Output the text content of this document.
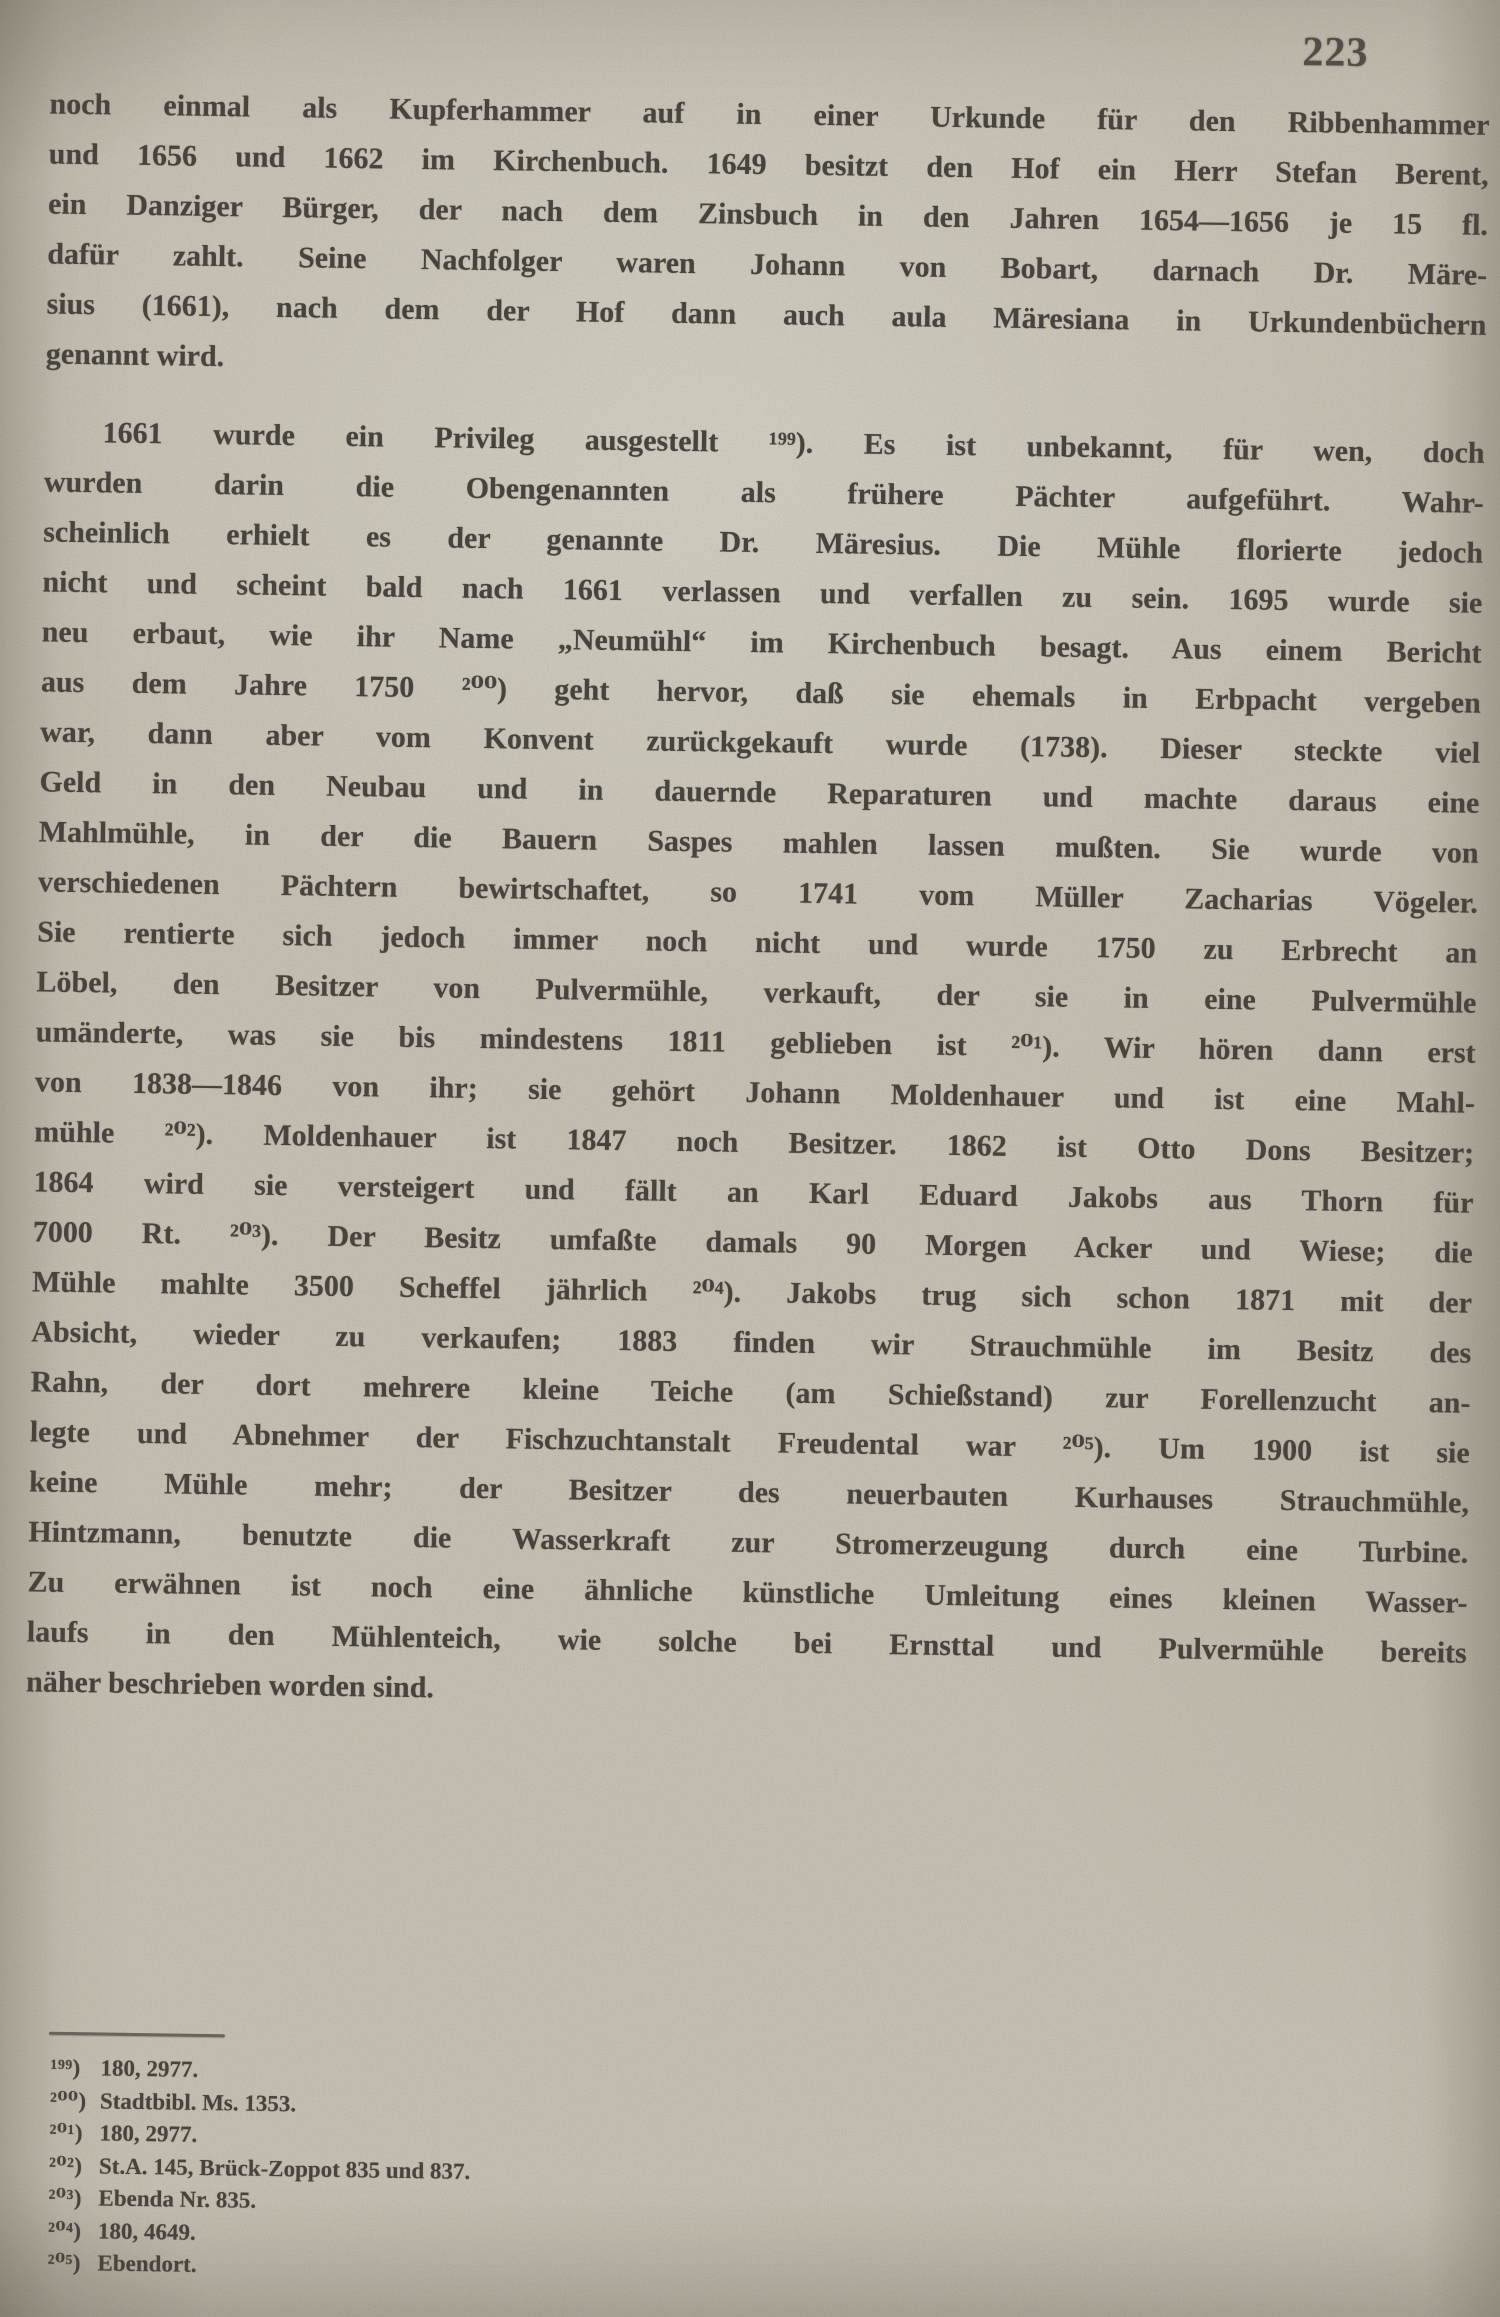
223
noch einmal als Kupferhammer auf in einer Urkunde für den Ribbenhammer
und 1656 und 1662 im Kirchenbuch. 1649 besitzt den Hof ein Herr Stefan Berent,
ein Danziger Bürger, der nach dem Zinsbuch in den Jahren 1654—1656 je 15 fl.
dafür zahlt. Seine Nachfolger waren Johann von Bobart, darnach Dr. Märe-
sius (1661), nach dem der Hof dann auch aula Märesiana in Urkundenbüchern
genannt wird.
1661 wurde ein Privileg ausgestellt ¹⁹⁹). Es ist unbekannt, für wen, doch
wurden darin die Obengenannten als frühere Pächter aufgeführt. Wahr-
scheinlich erhielt es der genannte Dr. Märesius. Die Mühle florierte jedoch
nicht und scheint bald nach 1661 verlassen und verfallen zu sein. 1695 wurde sie
neu erbaut, wie ihr Name „Neumühl“ im Kirchenbuch besagt. Aus einem Bericht
aus dem Jahre 1750 ²⁰⁰) geht hervor, daß sie ehemals in Erbpacht vergeben
war, dann aber vom Konvent zurückgekauft wurde (1738). Dieser steckte viel
Geld in den Neubau und in dauernde Reparaturen und machte daraus eine
Mahlmühle, in der die Bauern Saspes mahlen lassen mußten. Sie wurde von
verschiedenen Pächtern bewirtschaftet, so 1741 vom Müller Zacharias Vögeler.
Sie rentierte sich jedoch immer noch nicht und wurde 1750 zu Erbrecht an
Löbel, den Besitzer von Pulvermühle, verkauft, der sie in eine Pulvermühle
umänderte, was sie bis mindestens 1811 geblieben ist ²⁰¹). Wir hören dann erst
von 1838—1846 von ihr; sie gehört Johann Moldenhauer und ist eine Mahl-
mühle ²⁰²). Moldenhauer ist 1847 noch Besitzer. 1862 ist Otto Dons Besitzer;
1864 wird sie versteigert und fällt an Karl Eduard Jakobs aus Thorn für
7000 Rt. ²⁰³). Der Besitz umfaßte damals 90 Morgen Acker und Wiese; die
Mühle mahlte 3500 Scheffel jährlich ²⁰⁴). Jakobs trug sich schon 1871 mit der
Absicht, wieder zu verkaufen; 1883 finden wir Strauchmühle im Besitz des
Rahn, der dort mehrere kleine Teiche (am Schießstand) zur Forellenzucht an-
legte und Abnehmer der Fischzuchtanstalt Freudental war ²⁰⁵). Um 1900 ist sie
keine Mühle mehr; der Besitzer des neuerbauten Kurhauses Strauchmühle,
Hintzmann, benutzte die Wasserkraft zur Stromerzeugung durch eine Turbine.
Zu erwähnen ist noch eine ähnliche künstliche Umleitung eines kleinen Wasser-
laufs in den Mühlenteich, wie solche bei Ernsttal und Pulvermühle bereits
näher beschrieben worden sind.
¹⁹⁹) 180, 2977.
²⁰⁰) Stadtbibl. Ms. 1353.
²⁰¹) 180, 2977.
²⁰²) St.A. 145, Brück-Zoppot 835 und 837.
²⁰³) Ebenda Nr. 835.
²⁰⁴) 180, 4649.
²⁰⁵) Ebendort.
